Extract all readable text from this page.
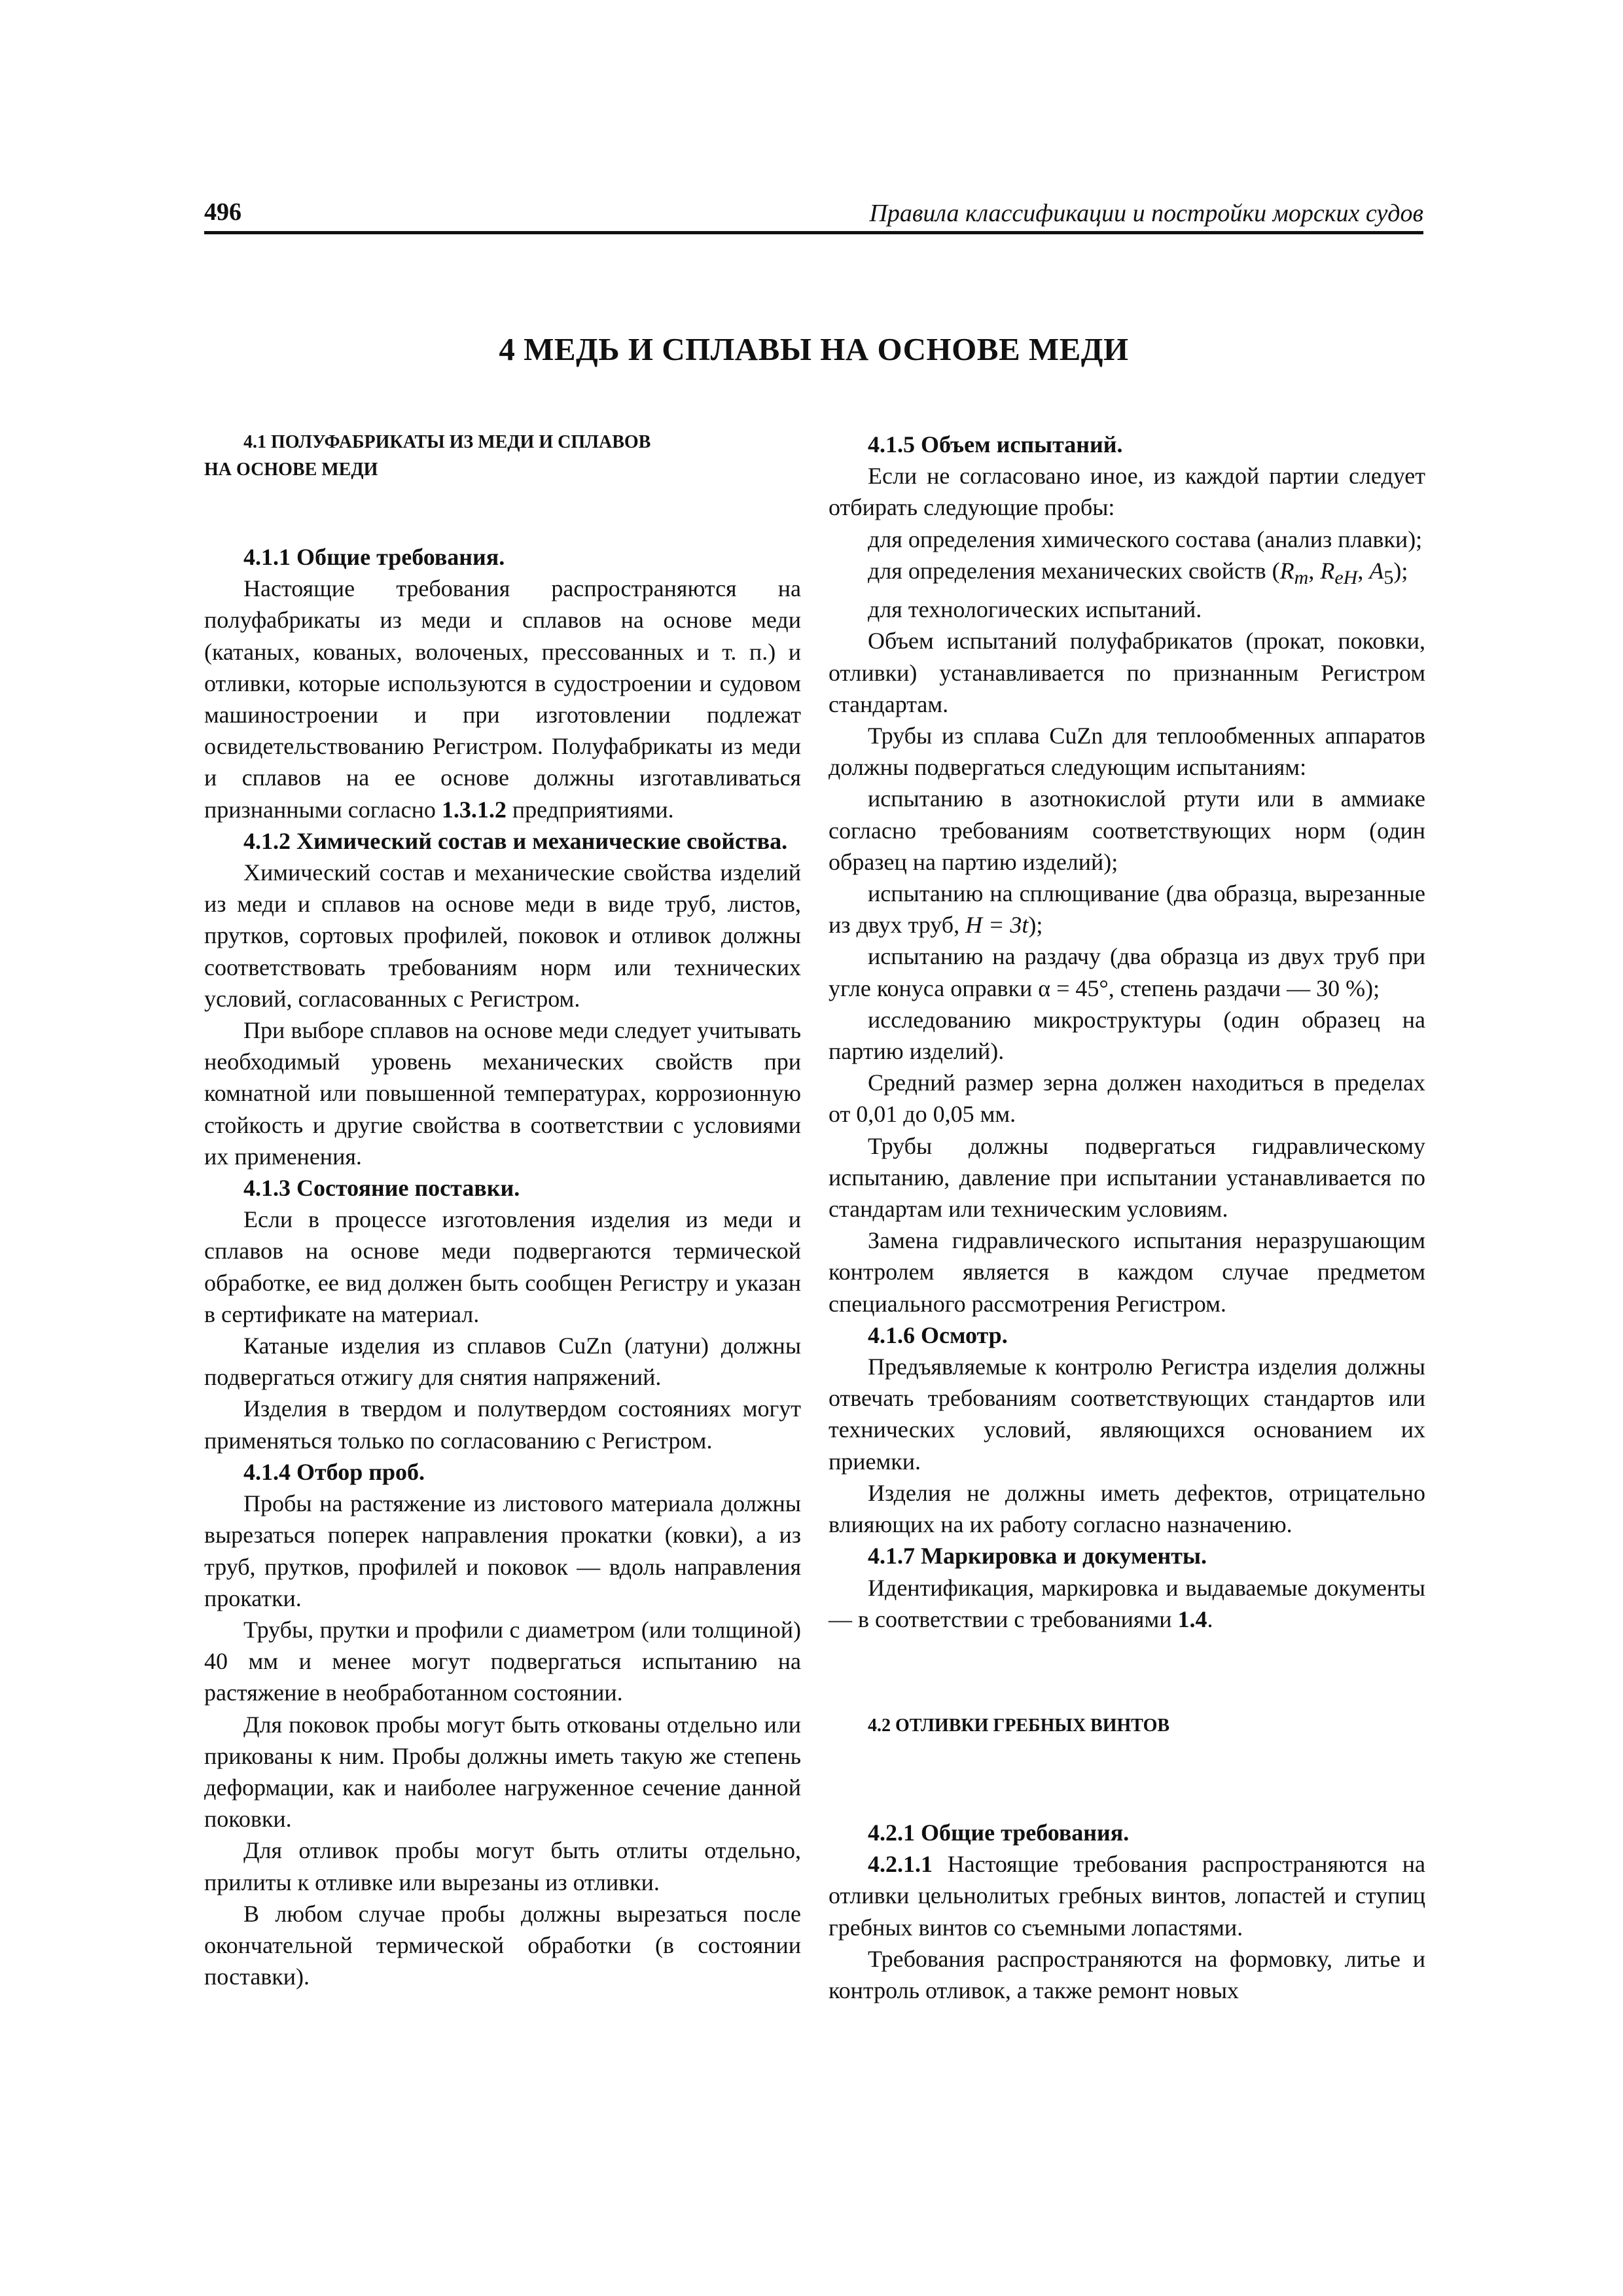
496	Правила классификации и постройки морских судов
4 МЕДЬ И СПЛАВЫ НА ОСНОВЕ МЕДИ

4.1 ПОЛУФАБРИКАТЫ ИЗ МЕДИ И СПЛАВОВ
НА ОСНОВЕ МЕДИ

4.1.1 Общие требования.

Настоящие требования распространяются на полуфабрикаты из меди и сплавов на основе меди (катаных, кованых, волоченых, прессованных и т. п.) и отливки, которые используются в судостроении и судовом машиностроении и при изготовлении подлежат освидетельствованию Регистром. Полуфабрикаты из меди и сплавов на ее основе должны изготавливаться признанными согласно 1.3.1.2 предприятиями.

4.1.2 Химический состав и механические свойства.

Химический состав и механические свойства изделий из меди и сплавов на основе меди в виде труб, листов, прутков, сортовых профилей, поковок и отливок должны соответствовать требованиям норм или технических условий, согласованных с Регистром.

При выборе сплавов на основе меди следует учитывать необходимый уровень механических свойств при комнатной или повышенной температурах, коррозионную стойкость и другие свойства в соответствии с условиями их применения.

4.1.3 Состояние поставки.

Если в процессе изготовления изделия из меди и сплавов на основе меди подвергаются термической обработке, ее вид должен быть сообщен Регистру и указан в сертификате на материал.

Катаные изделия из сплавов CuZn (латуни) должны подвергаться отжигу для снятия напряжений.

Изделия в твердом и полутвердом состояниях могут применяться только по согласованию с Регистром.

4.1.4 Отбор проб.

Пробы на растяжение из листового материала должны вырезаться поперек направления прокатки (ковки), а из труб, прутков, профилей и поковок — вдоль направления прокатки.

Трубы, прутки и профили с диаметром (или толщиной) 40 мм и менее могут подвергаться испытанию на растяжение в необработанном состоянии.

Для поковок пробы могут быть откованы отдельно или прикованы к ним. Пробы должны иметь такую же степень деформации, как и наиболее нагруженное сечение данной поковки.

Для отливок пробы могут быть отлиты отдельно, прилиты к отливке или вырезаны из отливки.

В любом случае пробы должны вырезаться после окончательной термической обработки (в состоянии поставки).

4.1.5 Объем испытаний.

Если не согласовано иное, из каждой партии следует отбирать следующие пробы:

для определения химического состава (анализ плавки);

для определения механических свойств ($R_m$, $R_{eH}$, $A_5$);

для технологических испытаний.

Объем испытаний полуфабрикатов (прокат, поковки, отливки) устанавливается по признанным Регистром стандартам.

Трубы из сплава CuZn для теплообменных аппаратов должны подвергаться следующим испытаниям:

испытанию в азотнокислой ртути или в аммиаке согласно требованиям соответствующих норм (один образец на партию изделий);

испытанию на сплющивание (два образца, вырезанные из двух труб, H = 3t);

испытанию на раздачу (два образца из двух труб при угле конуса оправки α = 45°, степень раздачи — 30 %);

исследованию микроструктуры (один образец на партию изделий).

Средний размер зерна должен находиться в пределах от 0,01 до 0,05 мм.

Трубы должны подвергаться гидравлическому испытанию, давление при испытании устанавливается по стандартам или техническим условиям.

Замена гидравлического испытания неразрушающим контролем является в каждом случае предметом специального рассмотрения Регистром.

4.1.6 Осмотр.

Предъявляемые к контролю Регистра изделия должны отвечать требованиям соответствующих стандартов или технических условий, являющихся основанием их приемки.

Изделия не должны иметь дефектов, отрицательно влияющих на их работу согласно назначению.

4.1.7 Маркировка и документы.

Идентификация, маркировка и выдаваемые документы — в соответствии с требованиями 1.4.

4.2 ОТЛИВКИ ГРЕБНЫХ ВИНТОВ

4.2.1 Общие требования.

4.2.1.1 Настоящие требования распространяются на отливки цельнолитых гребных винтов, лопастей и ступиц гребных винтов со съемными лопастями.

Требования распространяются на формовку, литье и контроль отливок, а также ремонт новых
